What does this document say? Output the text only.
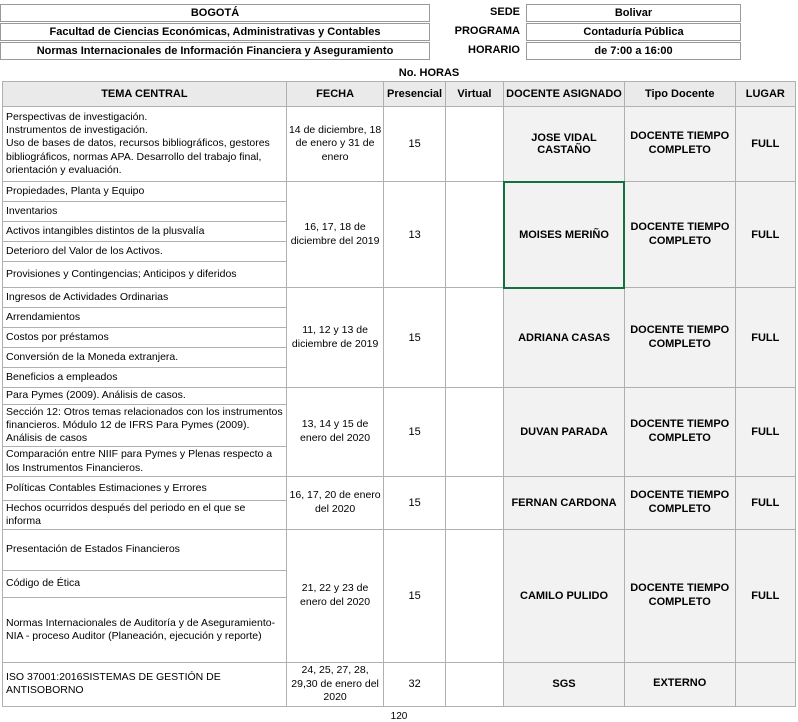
BOGOTÁ
Facultad de Ciencias Económicas, Administrativas y Contables
Normas Internacionales de Información Financiera y Aseguramiento
SEDE	Bolivar
PROGRAMA	Contaduría Pública
HORARIO	de 7:00 a 16:00
No. HORAS
TEMA CENTRAL	FECHA	Presencial	Virtual	DOCENTE ASIGNADO	Tipo Docente	LUGAR

Perspectivas de investigación.
Instrumentos de investigación.
Uso de bases de datos, recursos bibliográficos, gestores bibliográficos, normas APA. Desarrollo del trabajo final, orientación y evaluación.	14 de diciembre, 18 de enero y 31 de enero	15		JOSE VIDAL CASTAÑO	DOCENTE TIEMPO COMPLETO	FULL
Propiedades, Planta y Equipo	16, 17, 18 de diciembre del 2019	13		MOISES MERIÑO	DOCENTE TIEMPO COMPLETO	FULL
Inventarios						
Activos intangibles distintos de la plusvalía						
Deterioro del Valor de los Activos.						
Provisiones y Contingencias; Anticipos y diferidos						
Ingresos de Actividades Ordinarias	11, 12 y 13 de diciembre de 2019	15		ADRIANA CASAS	DOCENTE TIEMPO COMPLETO	FULL
Arrendamientos						
Costos por préstamos						
Conversión de la Moneda extranjera.						
Beneficios a empleados						
Para Pymes (2009). Análisis de casos.	13, 14 y 15 de enero del 2020	15		DUVAN PARADA	DOCENTE TIEMPO COMPLETO	FULL
Sección 12: Otros temas relacionados con los instrumentos financieros. Módulo 12 de IFRS Para Pymes (2009). Análisis de casos						
Comparación entre NIIF para Pymes y Plenas respecto a los Instrumentos Financieros.						
Políticas Contables Estimaciones y Errores	16, 17, 20 de enero del 2020	15		FERNAN CARDONA	DOCENTE TIEMPO COMPLETO	FULL
Hechos ocurridos después del periodo en el que se informa						
Presentación de Estados Financieros	21, 22 y 23 de enero del 2020	15		CAMILO PULIDO	DOCENTE TIEMPO COMPLETO	FULL
Código de Ética						
Normas Internacionales de Auditoría y de Aseguramiento- NIA - proceso Auditor (Planeación, ejecución y reporte)						
ISO 37001:2016SISTEMAS DE GESTIÓN DE ANTISOBORNO	24, 25, 27, 28, 29,30 de enero del 2020	32		SGS	EXTERNO	
120
